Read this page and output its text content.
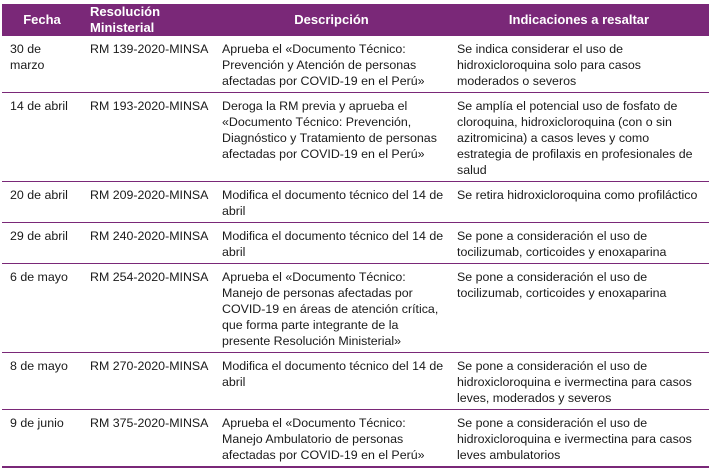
Fecha	Resolución Ministerial	Descripción	Indicaciones a resaltar
30 de marzo	RM 139-2020-MINSA	Aprueba el «Documento Técnico: Prevención y Atención de personas afectadas por COVID-19 en el Perú»	Se indica considerar el uso de hidroxicloroquina solo para casos moderados o severos
14 de abril	RM 193-2020-MINSA	Deroga la RM previa y aprueba el «Documento Técnico: Prevención, Diagnóstico y Tratamiento de personas afectadas por COVID-19 en el Perú»	Se amplía el potencial uso de fosfato de cloroquina, hidroxicloroquina (con o sin azitromicina) a casos leves y como estrategia de profilaxis en profesionales de salud
20 de abril	RM 209-2020-MINSA	Modifica el documento técnico del 14 de abril	Se retira hidroxicloroquina como profiláctico
29 de abril	RM 240-2020-MINSA	Modifica el documento técnico del 14 de abril	Se pone a consideración el uso de tocilizumab, corticoides y enoxaparina
6 de mayo	RM 254-2020-MINSA	Aprueba el «Documento Técnico: Manejo de personas afectadas por COVID-19 en áreas de atención crítica, que forma parte integrante de la presente Resolución Ministerial»	Se pone a consideración el uso de tocilizumab, corticoides y enoxaparina
8 de mayo	RM 270-2020-MINSA	Modifica el documento técnico del 14 de abril	Se pone a consideración el uso de hidroxicloroquina e ivermectina para casos leves, moderados y severos
9 de junio	RM 375-2020-MINSA	Aprueba el «Documento Técnico: Manejo Ambulatorio de personas afectadas por COVID-19 en el Perú»	Se pone a consideración el uso de hidroxicloroquina e ivermectina para casos leves ambulatorios
